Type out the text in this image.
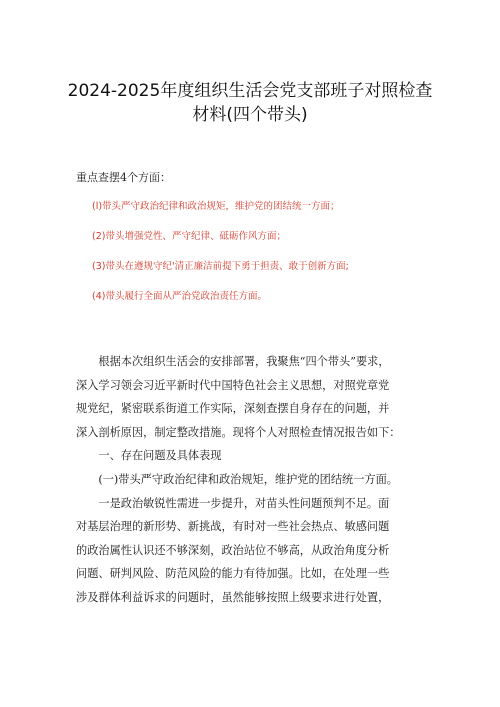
2024-2025年度组织生活会党支部班子对照检查
材料(四个带头)
重点查摆4个方面：
(l)带头严守政治纪律和政治规矩，维护党的团结统一方面；
(2)带头增强党性、严守纪律、砥砺作风方面；
(3)带头在遵规守纪'清正廉洁前提下勇于担责、敢于创新方面;
(4)带头履行全面从严治党政治责任方面。
　　根据本次组织生活会的安排部署，我聚焦“四个带头”要求，
深入学习领会习近平新时代中国特色社会主义思想，对照党章党
规党纪，紧密联系街道工作实际，深刻查摆自身存在的问题，并
深入剖析原因，制定整改措施。现将个人对照检查情况报告如下：
　　一、存在问题及具体表现
　　(一)带头严守政治纪律和政治规矩，维护党的团结统一方面。
　　一是政治敏锐性需进一步提升，对苗头性问题预判不足。面
对基层治理的新形势、新挑战，有时对一些社会热点、敏感问题
的政治属性认识还不够深刻，政治站位不够高，从政治角度分析
问题、研判风险、防范风险的能力有待加强。比如，在处理一些
涉及群体利益诉求的问题时，虽然能够按照上级要求进行处置，
